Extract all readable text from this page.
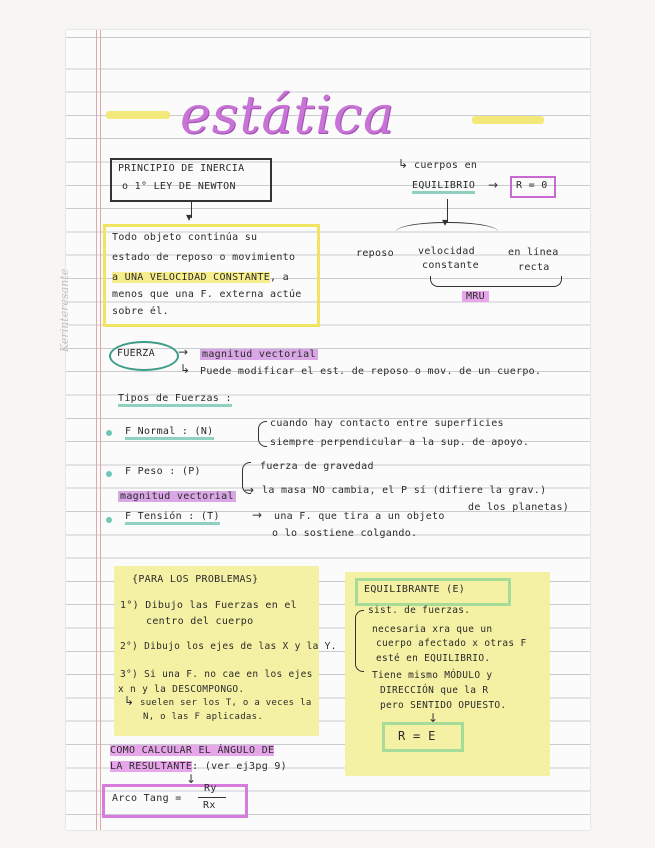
Kerinteresante
estática
PRINCIPIO DE INERCIA
o 1° LEY DE NEWTON
▾
Todo objeto continúa su
estado de reposo o movimiento
a UNA VELOCIDAD CONSTANTE, a
menos que una F. externa actúe
sobre él.
↳ cuerpos en
EQUILIBRIO → R = 0
▾
reposo velocidad
constante
en línea
recta
MRU
FUERZA → magnitud vectorial
↳ Puede modificar el est. de reposo o mov. de un cuerpo.
Tipos de Fuerzas :
F Normal : (N)
cuando hay contacto entre superficies
siempre perpendicular a la sup. de apoyo.
F Peso : (P)	fuerza de gravedad
→ la masa NO cambia, el P sí (difiere la grav.)
de los planetas)
magnitud vectorial
F Tensión : (T)	→ una F. que tira a un objeto
o lo sostiene colgando.
{PARA LOS PROBLEMAS}
1°) Dibujo las Fuerzas en el
centro del cuerpo
2°) Dibujo los ejes de las X y la Y.
3°) Si una F. no cae en los ejes
x n y la DESCOMPONGO.
↳ suelen ser los T, o a veces la
N, o las F aplicadas.
EQUILIBRANTE (E)
sist. de fuerzas.
necesaria xra que un
cuerpo afectado x otras F
esté en EQUILIBRIO.
Tiene mismo MÓDULO y
DIRECCIÓN que la R
pero SENTIDO OPUESTO.
↓
R = E
COMO CALCULAR EL ÁNGULO DE
LA RESULTANTE: (ver ej3pg 9)
↓
Arco Tang =
Ry
Rx
